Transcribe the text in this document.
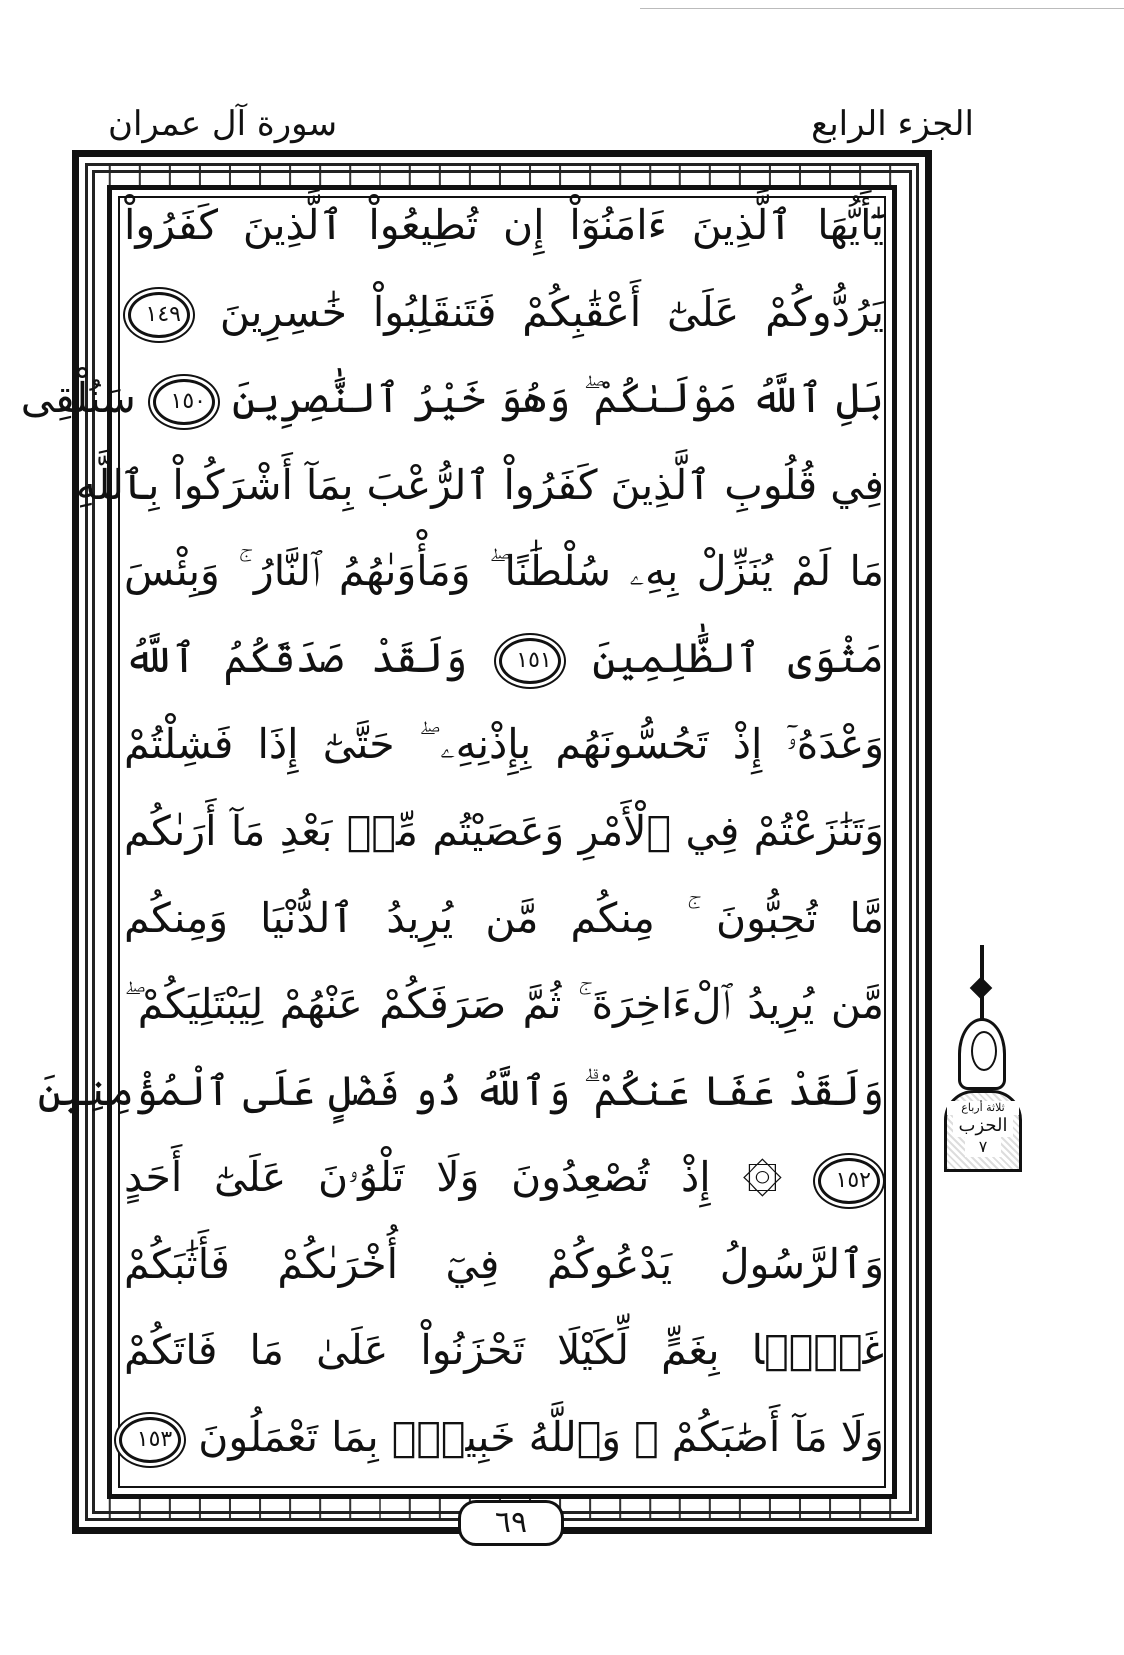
الجزء الرابع
سورة آل عمران
يَٰٓأَيُّهَا ٱلَّذِينَ ءَامَنُوٓاْ إِن تُطِيعُواْ ٱلَّذِينَ كَفَرُواْ
يَرُدُّوكُمْ عَلَىٰٓ أَعْقَٰبِكُمْ فَتَنقَلِبُواْ خَٰسِرِينَ ١٤٩
بَلِ ٱللَّهُ مَوْلَىٰكُمْ ۖ وَهُوَ خَيْرُ ٱلنَّٰصِرِينَ ١٥٠ سَنُلْقِى
فِي قُلُوبِ ٱلَّذِينَ كَفَرُواْ ٱلرُّعْبَ بِمَآ أَشْرَكُواْ بِٱللَّهِ
مَا لَمْ يُنَزِّلْ بِهِۦ سُلْطَٰنًا ۖ وَمَأْوَىٰهُمُ ٱلنَّارُ ۚ وَبِئْسَ
مَثْوَى ٱلظَّٰلِمِينَ ١٥١ وَلَقَدْ صَدَقَكُمُ ٱللَّهُ
وَعْدَهُۥٓ إِذْ تَحُسُّونَهُم بِإِذْنِهِۦ ۖ حَتَّىٰٓ إِذَا فَشِلْتُمْ
وَتَنَٰزَعْتُمْ فِي ٱلْأَمْرِ وَعَصَيْتُم مِّنۢ بَعْدِ مَآ أَرَىٰكُم
مَّا تُحِبُّونَ ۚ مِنكُم مَّن يُرِيدُ ٱلدُّنْيَا وَمِنكُم
مَّن يُرِيدُ ٱلْءَاخِرَةَ ۚ ثُمَّ صَرَفَكُمْ عَنْهُمْ لِيَبْتَلِيَكُمْ ۖ
وَلَقَدْ عَفَا عَنكُمْ ۗ وَٱللَّهُ ذُو فَضْلٍ عَلَى ٱلْمُؤْمِنِينَ
١٥٢ ۞ إِذْ تُصْعِدُونَ وَلَا تَلْوُۥنَ عَلَىٰٓ أَحَدٍ
وَٱلرَّسُولُ يَدْعُوكُمْ فِيٓ أُخْرَىٰكُمْ فَأَثَٰبَكُمْ
غَمًّۢا بِغَمٍّ لِّكَيْلَا تَحْزَنُواْ عَلَىٰ مَا فَاتَكُمْ
وَلَا مَآ أَصَٰبَكُمْ ۗ وَٱللَّهُ خَبِيرٌۢ بِمَا تَعْمَلُونَ ١٥٣
٦٩
ثلاثة أرباع
الحزب
٧
